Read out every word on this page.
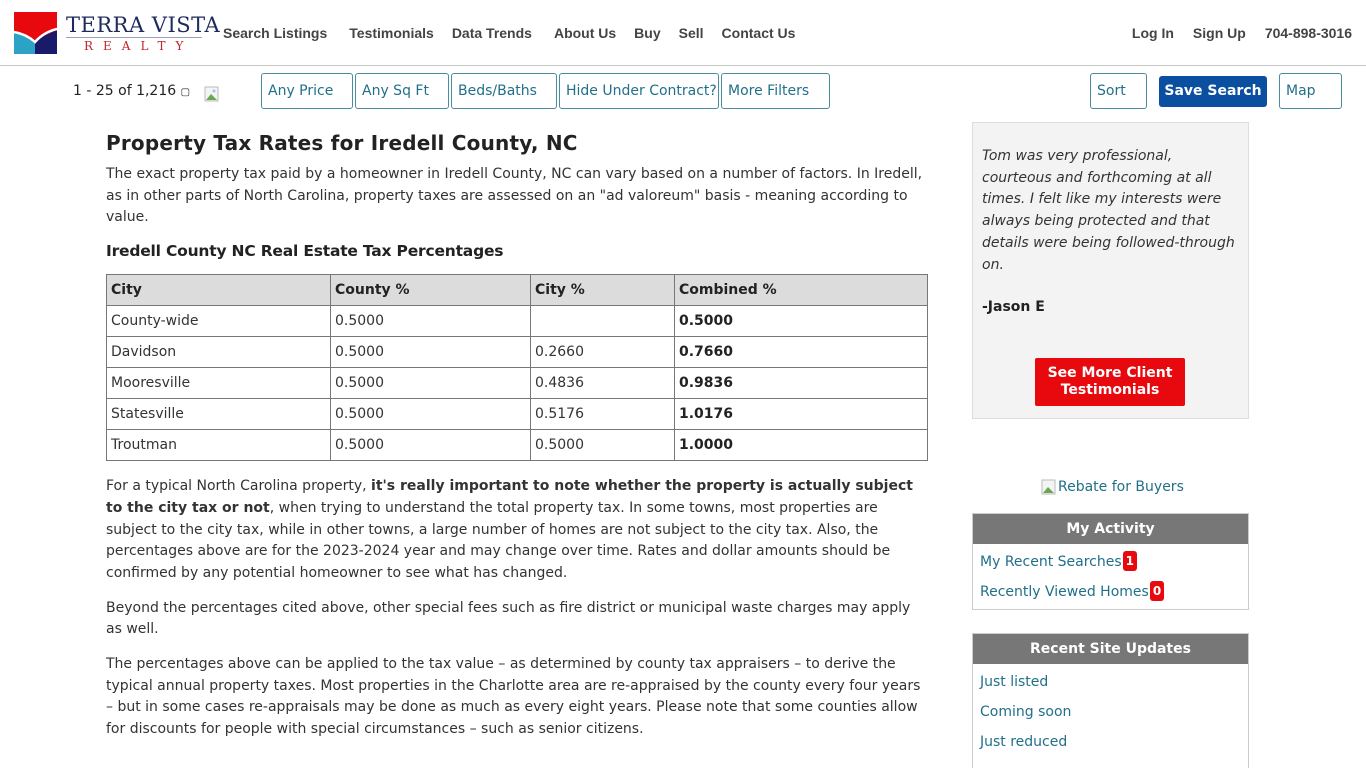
TERRA VISTA
REALTY
Search Listings Testimonials Data Trends About Us Buy Sell Contact Us	Log In Sign Up 704-898-3016
1 - 25 of 1,216 ▢	Any Price	Any Sq Ft	Beds/Baths	Hide Under Contract? More Filters	Sort	Save Search	Map
Property Tax Rates for Iredell County, NC

The exact property tax paid by a homeowner in Iredell County, NC can vary based on a number of factors. In Iredell, as in other parts of North Carolina, property taxes are assessed on an "ad valoreum" basis - meaning according to value.

Iredell County NC Real Estate Tax Percentages
City	County %	City %	Combined %
County-wide	0.5000		0.5000
Davidson	0.5000	0.2660	0.7660
Mooresville	0.5000	0.4836	0.9836
Statesville	0.5000	0.5176	1.0176
Troutman	0.5000	0.5000	1.0000

For a typical North Carolina property, it's really important to note whether the property is actually subject to the city tax or not, when trying to understand the total property tax. In some towns, most properties are subject to the city tax, while in other towns, a large number of homes are not subject to the city tax. Also, the percentages above are for the 2023-2024 year and may change over time. Rates and dollar amounts should be confirmed by any potential homeowner to see what has changed.

Beyond the percentages cited above, other special fees such as fire district or municipal waste charges may apply as well.

The percentages above can be applied to the tax value – as determined by county tax appraisers – to derive the typical annual property taxes. Most properties in the Charlotte area are re-appraised by the county every four years – but in some cases re-appraisals may be done as much as every eight years. Please note that some counties allow for discounts for people with special circumstances – such as senior citizens.

Tom was very professional, courteous and forthcoming at all times. I felt like my interests were always being protected and that details were being followed-through on.
-Jason E
See More Client Testimonials
Rebate for Buyers
My Activity
My Recent Searches 1
Recently Viewed Homes 0
Recent Site Updates
Just listed
Coming soon
Just reduced
